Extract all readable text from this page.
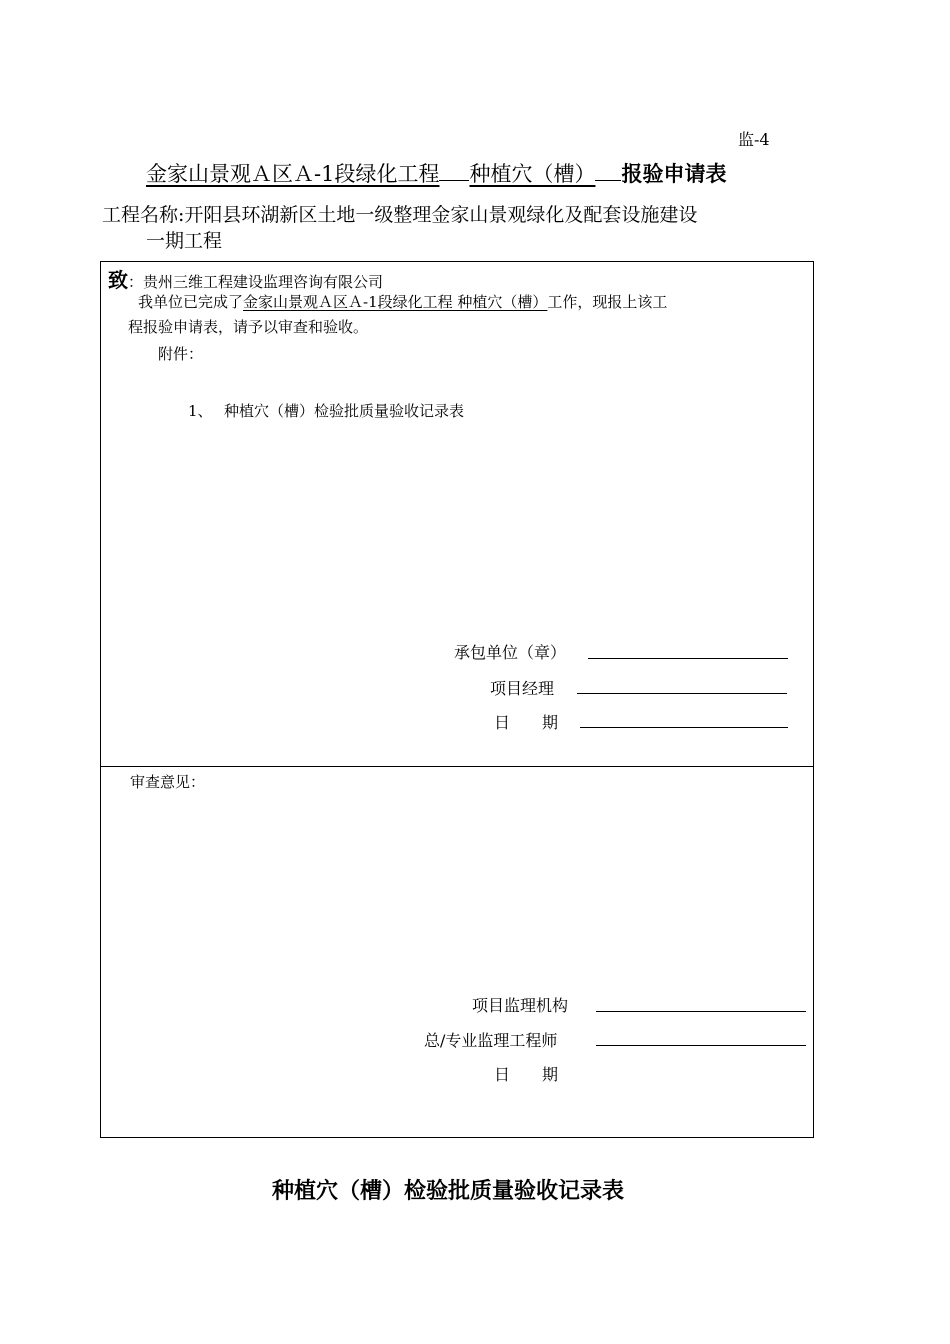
监-4
金家山景观Ａ区Ａ-1段绿化工程 种植穴（槽） 报验申请表
工程名称:开阳县环湖新区土地一级整理金家山景观绿化及配套设施建设
一期工程
致：贵州三维工程建设监理咨询有限公司
我单位已完成了金家山景观Ａ区Ａ-1段绿化工程 种植穴（槽）工作，现报上该工
程报验申请表，请予以审查和验收。
附件：
1、 种植穴（槽）检验批质量验收记录表
承包单位（章）
项目经理
日　　期
审查意见：
项目监理机构
总/专业监理工程师
日　　期
种植穴（槽）检验批质量验收记录表
